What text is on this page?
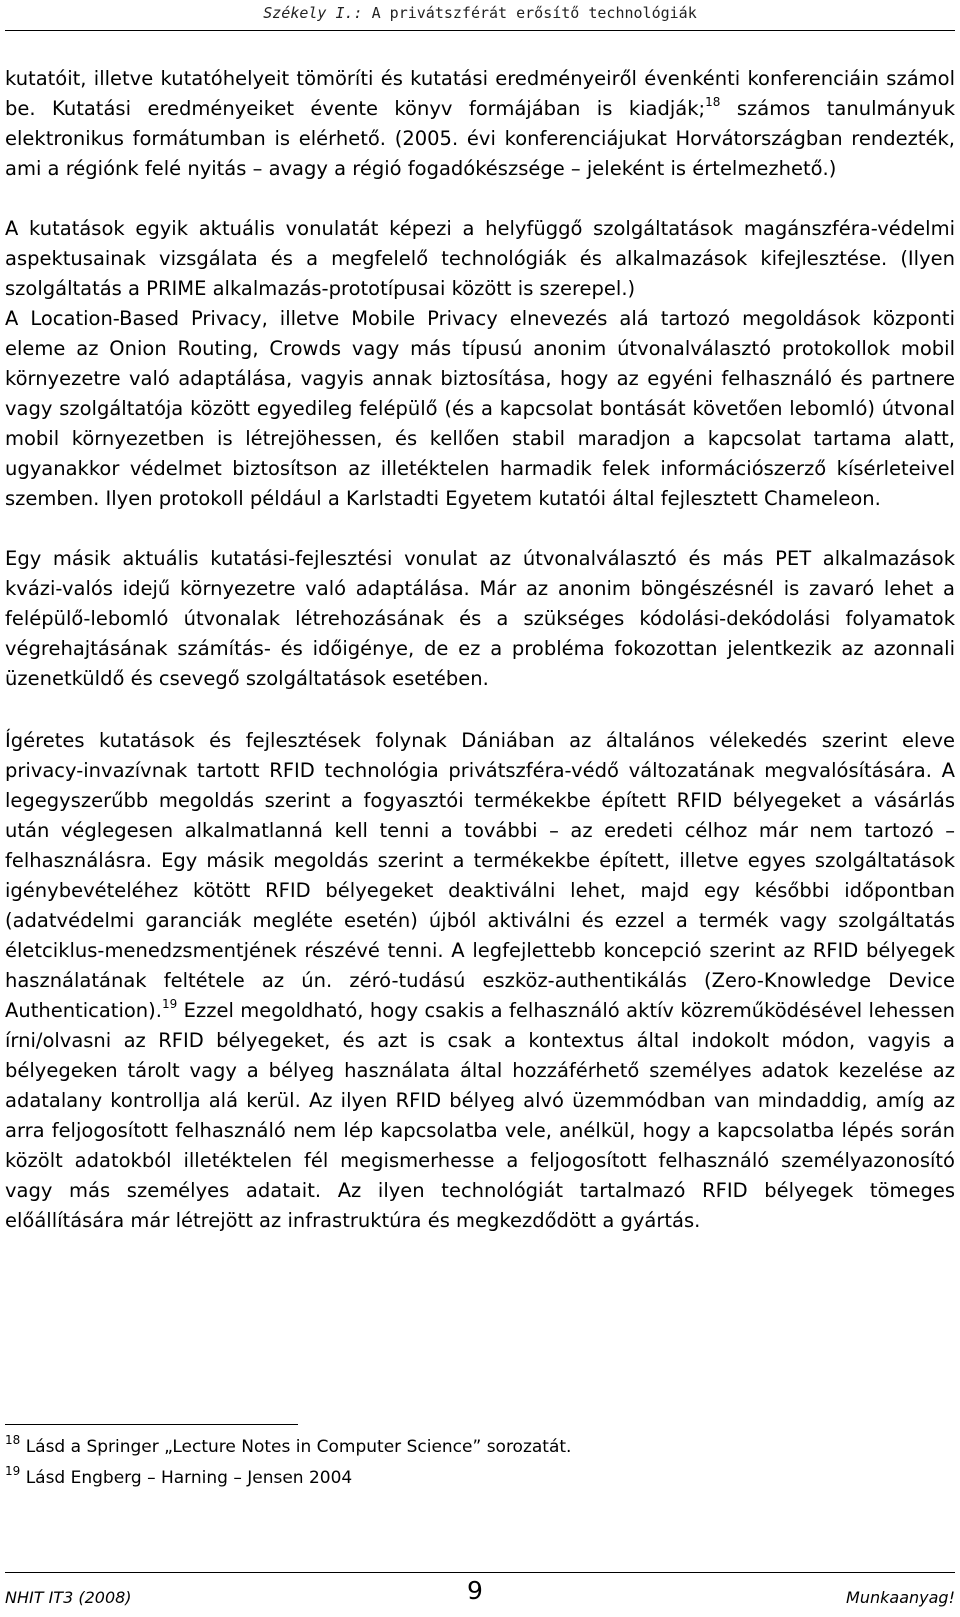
Székely I.: A privátszférát erősítő technológiák

kutatóit, illetve kutatóhelyeit tömöríti és kutatási eredményeiről évenkénti konferenciáin számol be. Kutatási eredményeiket évente könyv formájában is kiadják;$^{18}$ számos tanulmányuk elektronikus formátumban is elérhető. (2005. évi konferenciájukat Horvátországban rendezték, ami a régiónk felé nyitás – avagy a régió fogadókészsége – jeleként is értelmezhető.)

A kutatások egyik aktuális vonulatát képezi a helyfüggő szolgáltatások magánszféra-védelmi aspektusainak vizsgálata és a megfelelő technológiák és alkalmazások kifejlesztése. (Ilyen szolgáltatás a PRIME alkalmazás-prototípusai között is szerepel.)

A Location-Based Privacy, illetve Mobile Privacy elnevezés alá tartozó megoldások központi eleme az Onion Routing, Crowds vagy más típusú anonim útvonalválasztó protokollok mobil környezetre való adaptálása, vagyis annak biztosítása, hogy az egyéni felhasználó és partnere vagy szolgáltatója között egyedileg felépülő (és a kapcsolat bontását követően lebomló) útvonal mobil környezetben is létrejöhessen, és kellően stabil maradjon a kapcsolat tartama alatt, ugyanakkor védelmet biztosítson az illetéktelen harmadik felek információszerző kísérleteivel szemben. Ilyen protokoll például a Karlstadti Egyetem kutatói által fejlesztett Chameleon.

Egy másik aktuális kutatási-fejlesztési vonulat az útvonalválasztó és más PET alkalmazások kvázi-valós idejű környezetre való adaptálása. Már az anonim böngészésnél is zavaró lehet a felépülő-lebomló útvonalak létrehozásának és a szükséges kódolási-dekódolási folyamatok végrehajtásának számítás- és időigénye, de ez a probléma fokozottan jelentkezik az azonnali üzenetküldő és csevegő szolgáltatások esetében.

Ígéretes kutatások és fejlesztések folynak Dániában az általános vélekedés szerint eleve privacy-invazívnak tartott RFID technológia privátszféra-védő változatának megvalósítására. A legegyszerűbb megoldás szerint a fogyasztói termékekbe épített RFID bélyegeket a vásárlás után véglegesen alkalmatlanná kell tenni a további – az eredeti célhoz már nem tartozó – felhasználásra. Egy másik megoldás szerint a termékekbe épített, illetve egyes szolgáltatások igénybevételéhez kötött RFID bélyegeket deaktiválni lehet, majd egy későbbi időpontban (adatvédelmi garanciák megléte esetén) újból aktiválni és ezzel a termék vagy szolgáltatás életciklus-menedzsmentjének részévé tenni. A legfejlettebb koncepció szerint az RFID bélyegek használatának feltétele az ún. zéró-tudású eszköz-authentikálás (Zero-Knowledge Device Authentication).$^{19}$ Ezzel megoldható, hogy csakis a felhasználó aktív közreműködésével lehessen írni/olvasni az RFID bélyegeket, és azt is csak a kontextus által indokolt módon, vagyis a bélyegeken tárolt vagy a bélyeg használata által hozzáférhető személyes adatok kezelése az adatalany kontrollja alá kerül. Az ilyen RFID bélyeg alvó üzemmódban van mindaddig, amíg az arra feljogosított felhasználó nem lép kapcsolatba vele, anélkül, hogy a kapcsolatba lépés során közölt adatokból illetéktelen fél megismerhesse a feljogosított felhasználó személyazonosító vagy más személyes adatait. Az ilyen technológiát tartalmazó RFID bélyegek tömeges előállítására már létrejött az infrastruktúra és megkezdődött a gyártás.

$^{18}$ Lásd a Springer „Lecture Notes in Computer Science” sorozatát.
$^{19}$ Lásd Engberg – Harning – Jensen 2004
NHIT IT3 (2008)	9	Munkaanyag!
